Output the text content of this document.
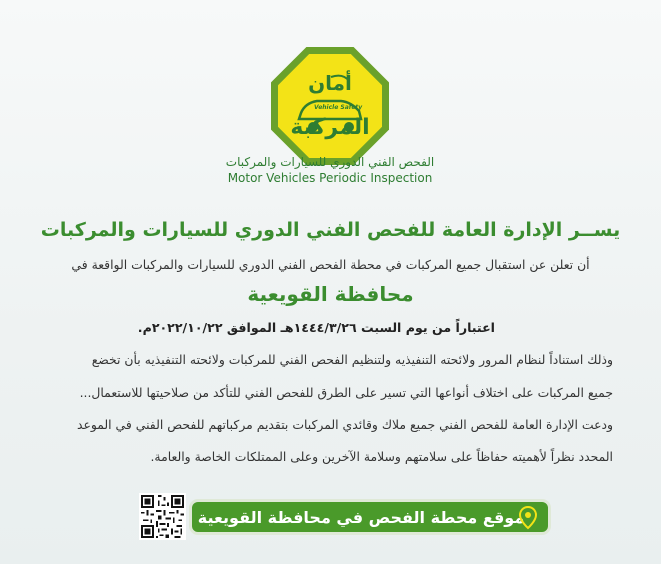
أمان
Vehicle Safety
المركبة
الفحص الفني الدوري للسيارات والمركبات
Motor Vehicles Periodic Inspection
يســر الإدارة العامة للفحص الفني الدوري للسيارات والمركبات
أن تعلن عن استقبال جميع المركبات في محطة الفحص الفني الدوري للسيارات والمركبات الواقعة في
محافظة القويعية
اعتباراً من يوم السبت ١٤٤٤/٣/٢٦هـ الموافق ٢٠٢٢/١٠/٢٢م.
وذلك استناداً لنظام المرور ولائحته التنفيذيه ولتنظيم الفحص الفني للمركبات ولائحته التنفيذيه بأن تخضع
جميع المركبات على اختلاف أنواعها التي تسير على الطرق للفحص الفني للتأكد من صلاحيتها للاستعمال...
ودعت الإدارة العامة للفحص الفني جميع ملاك وقائدي المركبات بتقديم مركباتهم للفحص الفني في الموعد
المحدد نظراً لأهميته حفاظاً على سلامتهم وسلامة الآخرين وعلى الممتلكات الخاصة والعامة.
موقع محطة الفحص في محافظة القويعية
